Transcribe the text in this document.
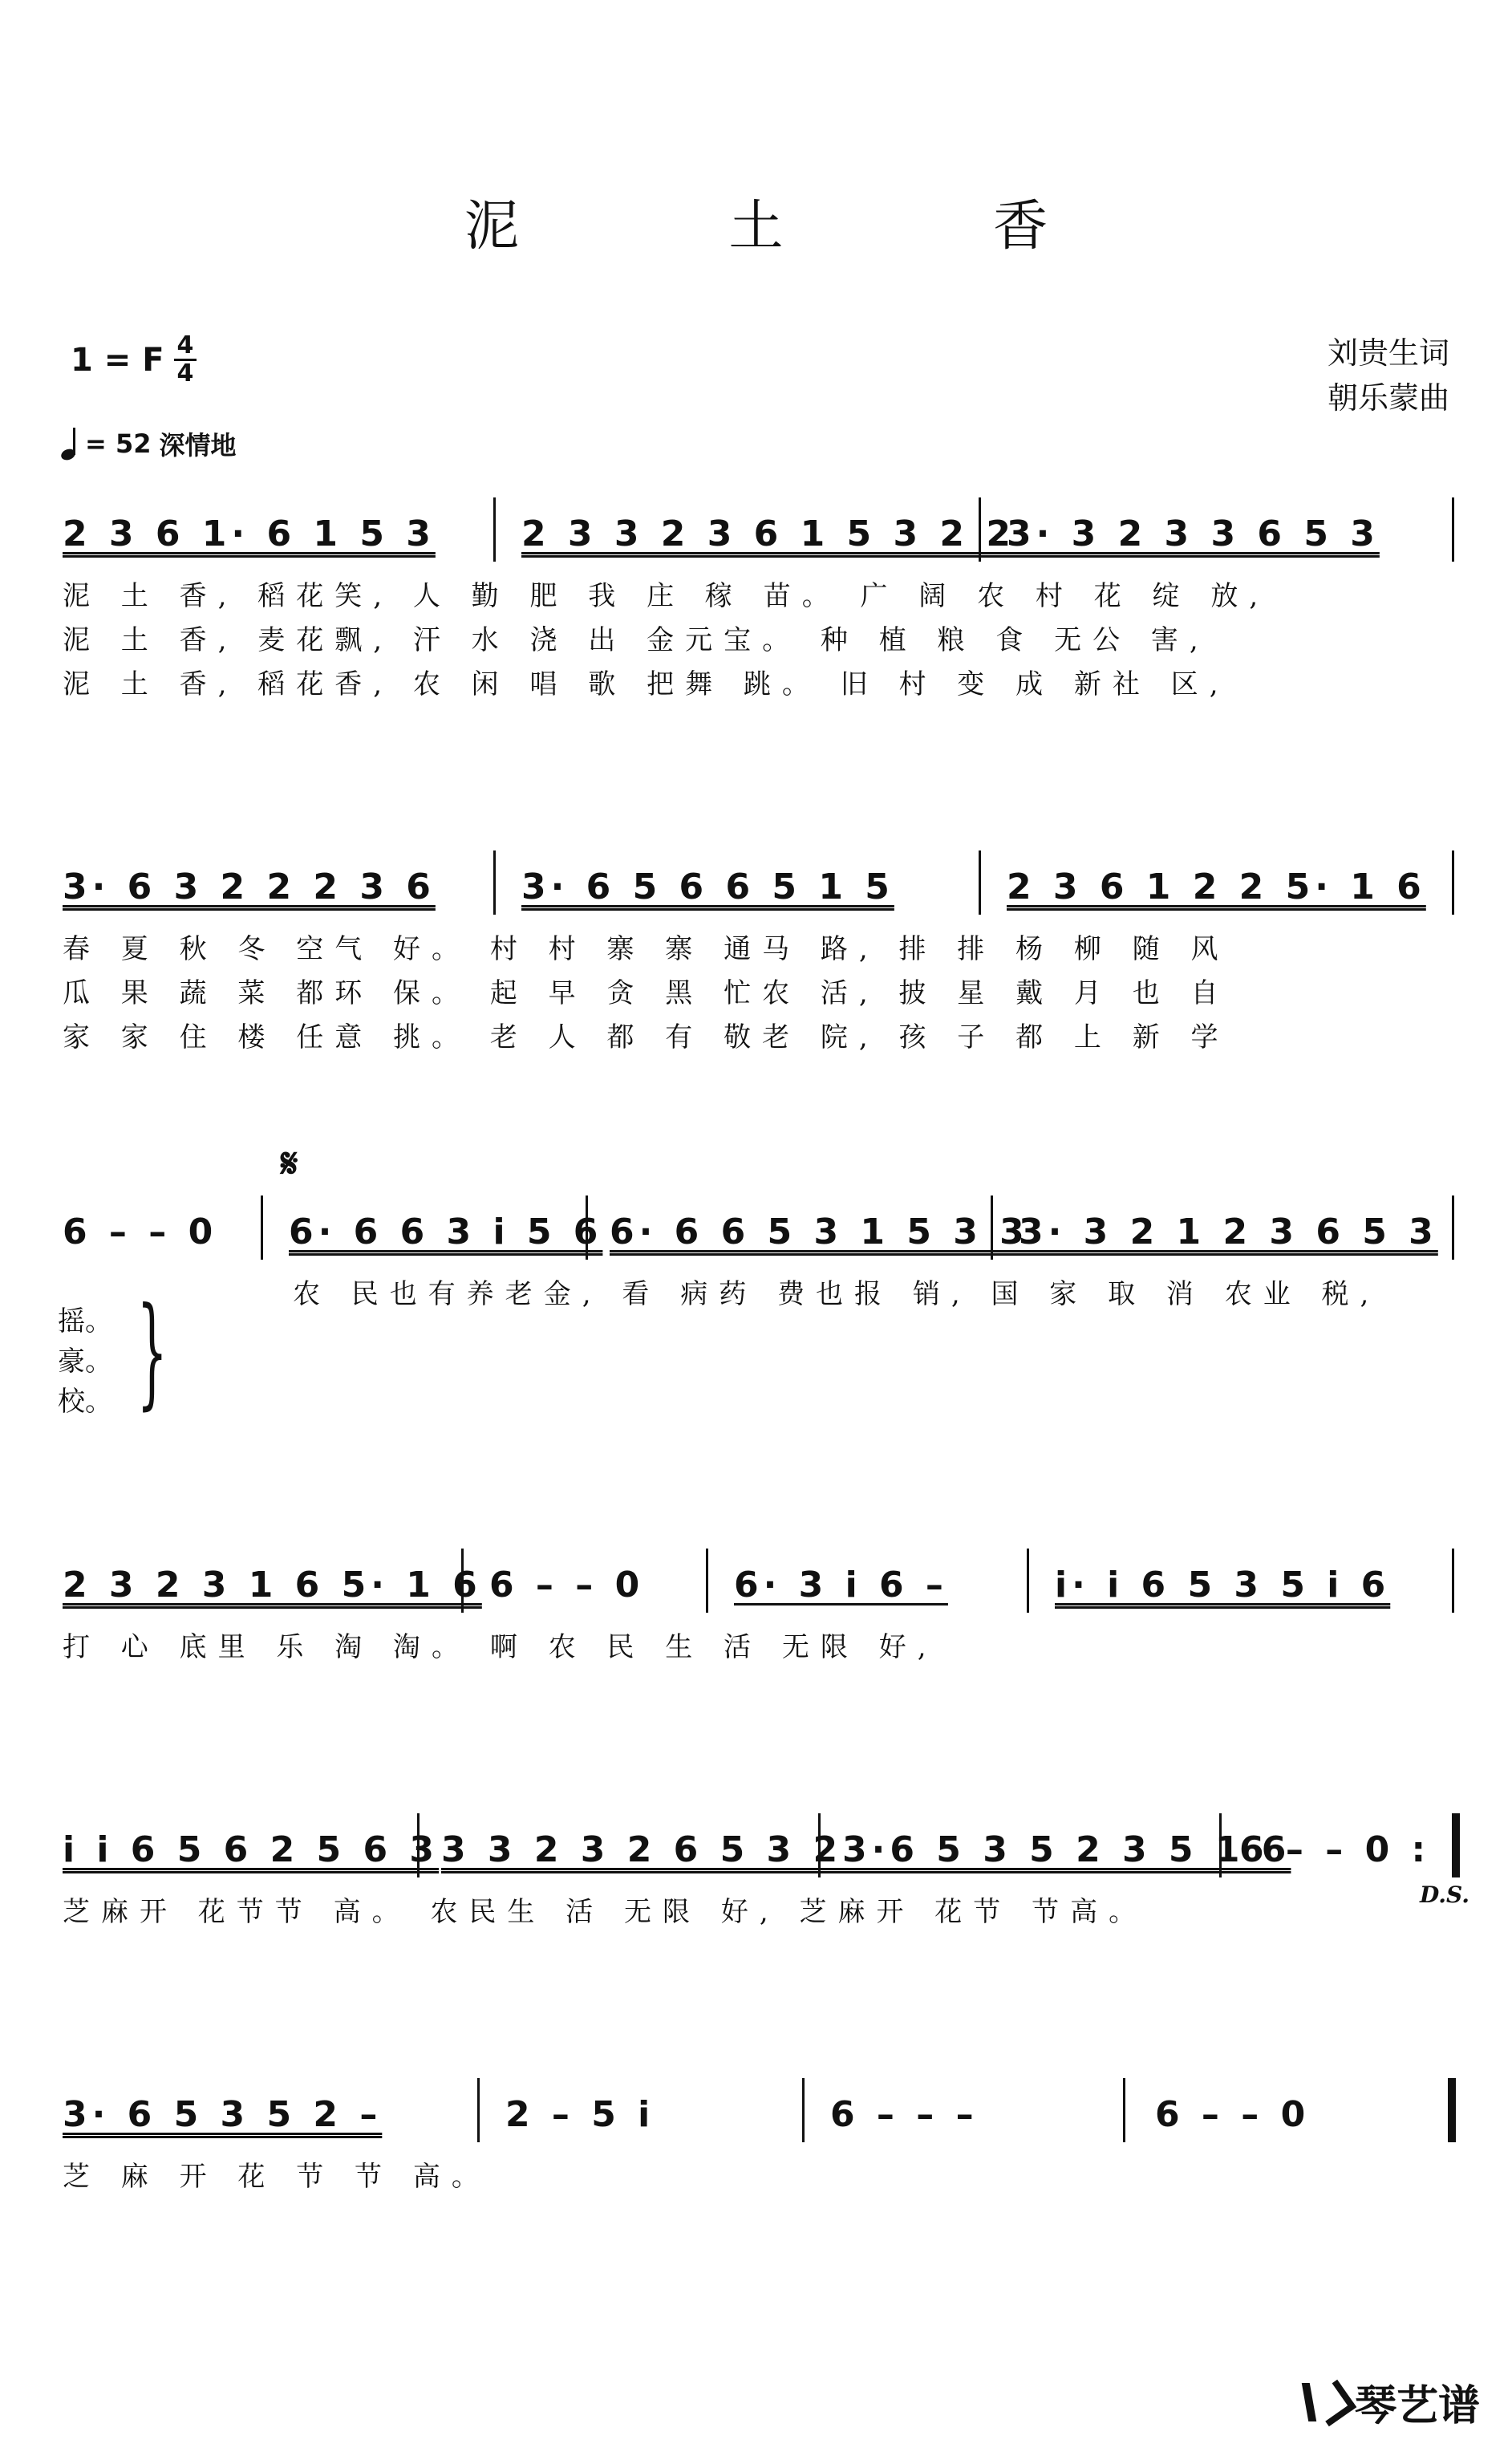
泥 土 香
1 = F $\frac{4}{4}$	刘贵生词
朝乐蒙曲
= 52 深情地
2 3 6 1· 6 1 5 3 2 3 3 2 3 6 1 5 3 2 2
3· 3 2 3 3 6 5 3
泥 土 香, 稻花笑, 人 勤 肥 我 庄 稼 苗。 广 阔 农 村 花 绽 放,
泥 土 香, 麦花飘, 汗 水 浇 出 金元宝。 种 植 粮 食 无公 害,
泥 土 香, 稻花香, 农 闲 唱 歌 把舞 跳。 旧 村 变 成 新社 区,
3· 6 3 2 2 2 3 6 3· 6 5 6 6 5 1 5	2 3 6 1 2 2 5· 1 6
春 夏 秋 冬 空气 好。 村 村 寨 寨 通马 路, 排 排 杨 柳 随 风
瓜 果 蔬 菜 都环 保。 起 早 贪 黑 忙农 活, 披 星 戴 月 也 自
家 家 住 楼 任意 挑。 老 人 都 有 敬老 院, 孩 子 都 上 新 学
𝄋
6 – – 0 6· 6 6 3 i 5 6 6· 6 6 5 3 1 5 3 3
3· 3 2 1 2 3 6 5 3
农 民也有养老金, 看 病药 费也报 销, 国 家 取 消 农业 税,
摇。
豪。
校。 }
2 3 2 3 1 6 5· 1 6 6 – – 0	6· 3 i 6 –	i· i 6 5 3 5 i 6
打 心 底里 乐 淘 淘。 啊 农 民 生 活 无限 好,
i i 6 5 6 2 5 6 3 3 3 2 3 2 6 5 3 2 3·6 5 3 5 2 3 5 1 6
6 – – 0 :
芝麻开 花节节 高。 农民生 活 无限 好, 芝麻开 花节 节高。
D.S.
3· 6 5 3 5 2 –	2 – 5 i	6 – – –	6 – – 0
芝 麻 开 花 节 节 高。
琴艺谱
